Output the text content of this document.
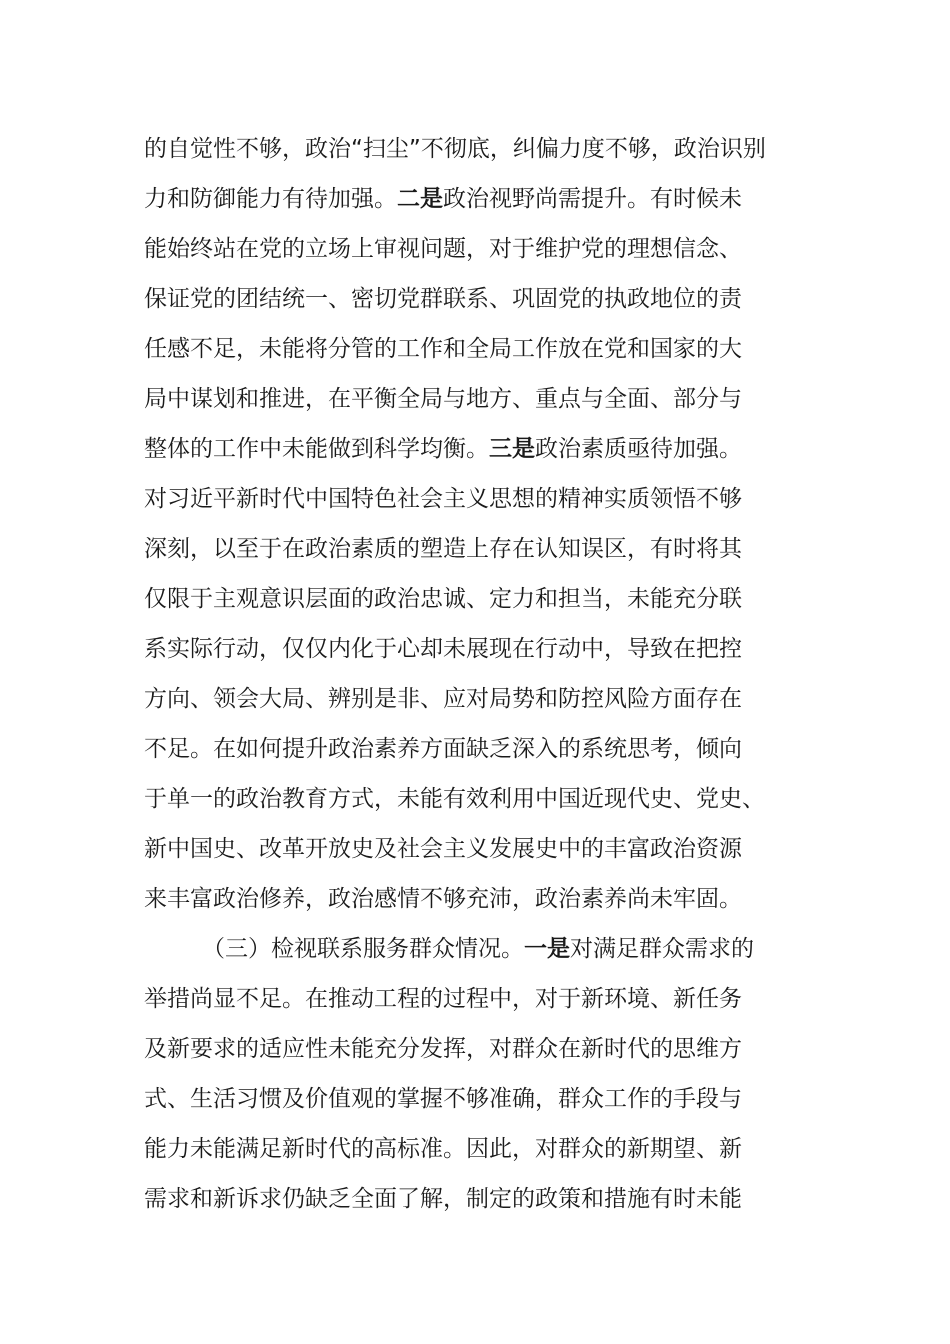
的自觉性不够，政治“扫尘”不彻底，纠偏力度不够，政治识别
力和防御能力有待加强。二是政治视野尚需提升。有时候未
能始终站在党的立场上审视问题，对于维护党的理想信念、
保证党的团结统一、密切党群联系、巩固党的执政地位的责
任感不足，未能将分管的工作和全局工作放在党和国家的大
局中谋划和推进，在平衡全局与地方、重点与全面、部分与
整体的工作中未能做到科学均衡。三是政治素质亟待加强。
对习近平新时代中国特色社会主义思想的精神实质领悟不够
深刻，以至于在政治素质的塑造上存在认知误区，有时将其
仅限于主观意识层面的政治忠诚、定力和担当，未能充分联
系实际行动，仅仅内化于心却未展现在行动中，导致在把控
方向、领会大局、辨别是非、应对局势和防控风险方面存在
不足。在如何提升政治素养方面缺乏深入的系统思考，倾向
于单一的政治教育方式，未能有效利用中国近现代史、党史、
新中国史、改革开放史及社会主义发展史中的丰富政治资源
来丰富政治修养，政治感情不够充沛，政治素养尚未牢固。
（三）检视联系服务群众情况。一是对满足群众需求的
举措尚显不足。在推动工程的过程中，对于新环境、新任务
及新要求的适应性未能充分发挥，对群众在新时代的思维方
式、生活习惯及价值观的掌握不够准确，群众工作的手段与
能力未能满足新时代的高标准。因此，对群众的新期望、新
需求和新诉求仍缺乏全面了解，制定的政策和措施有时未能
